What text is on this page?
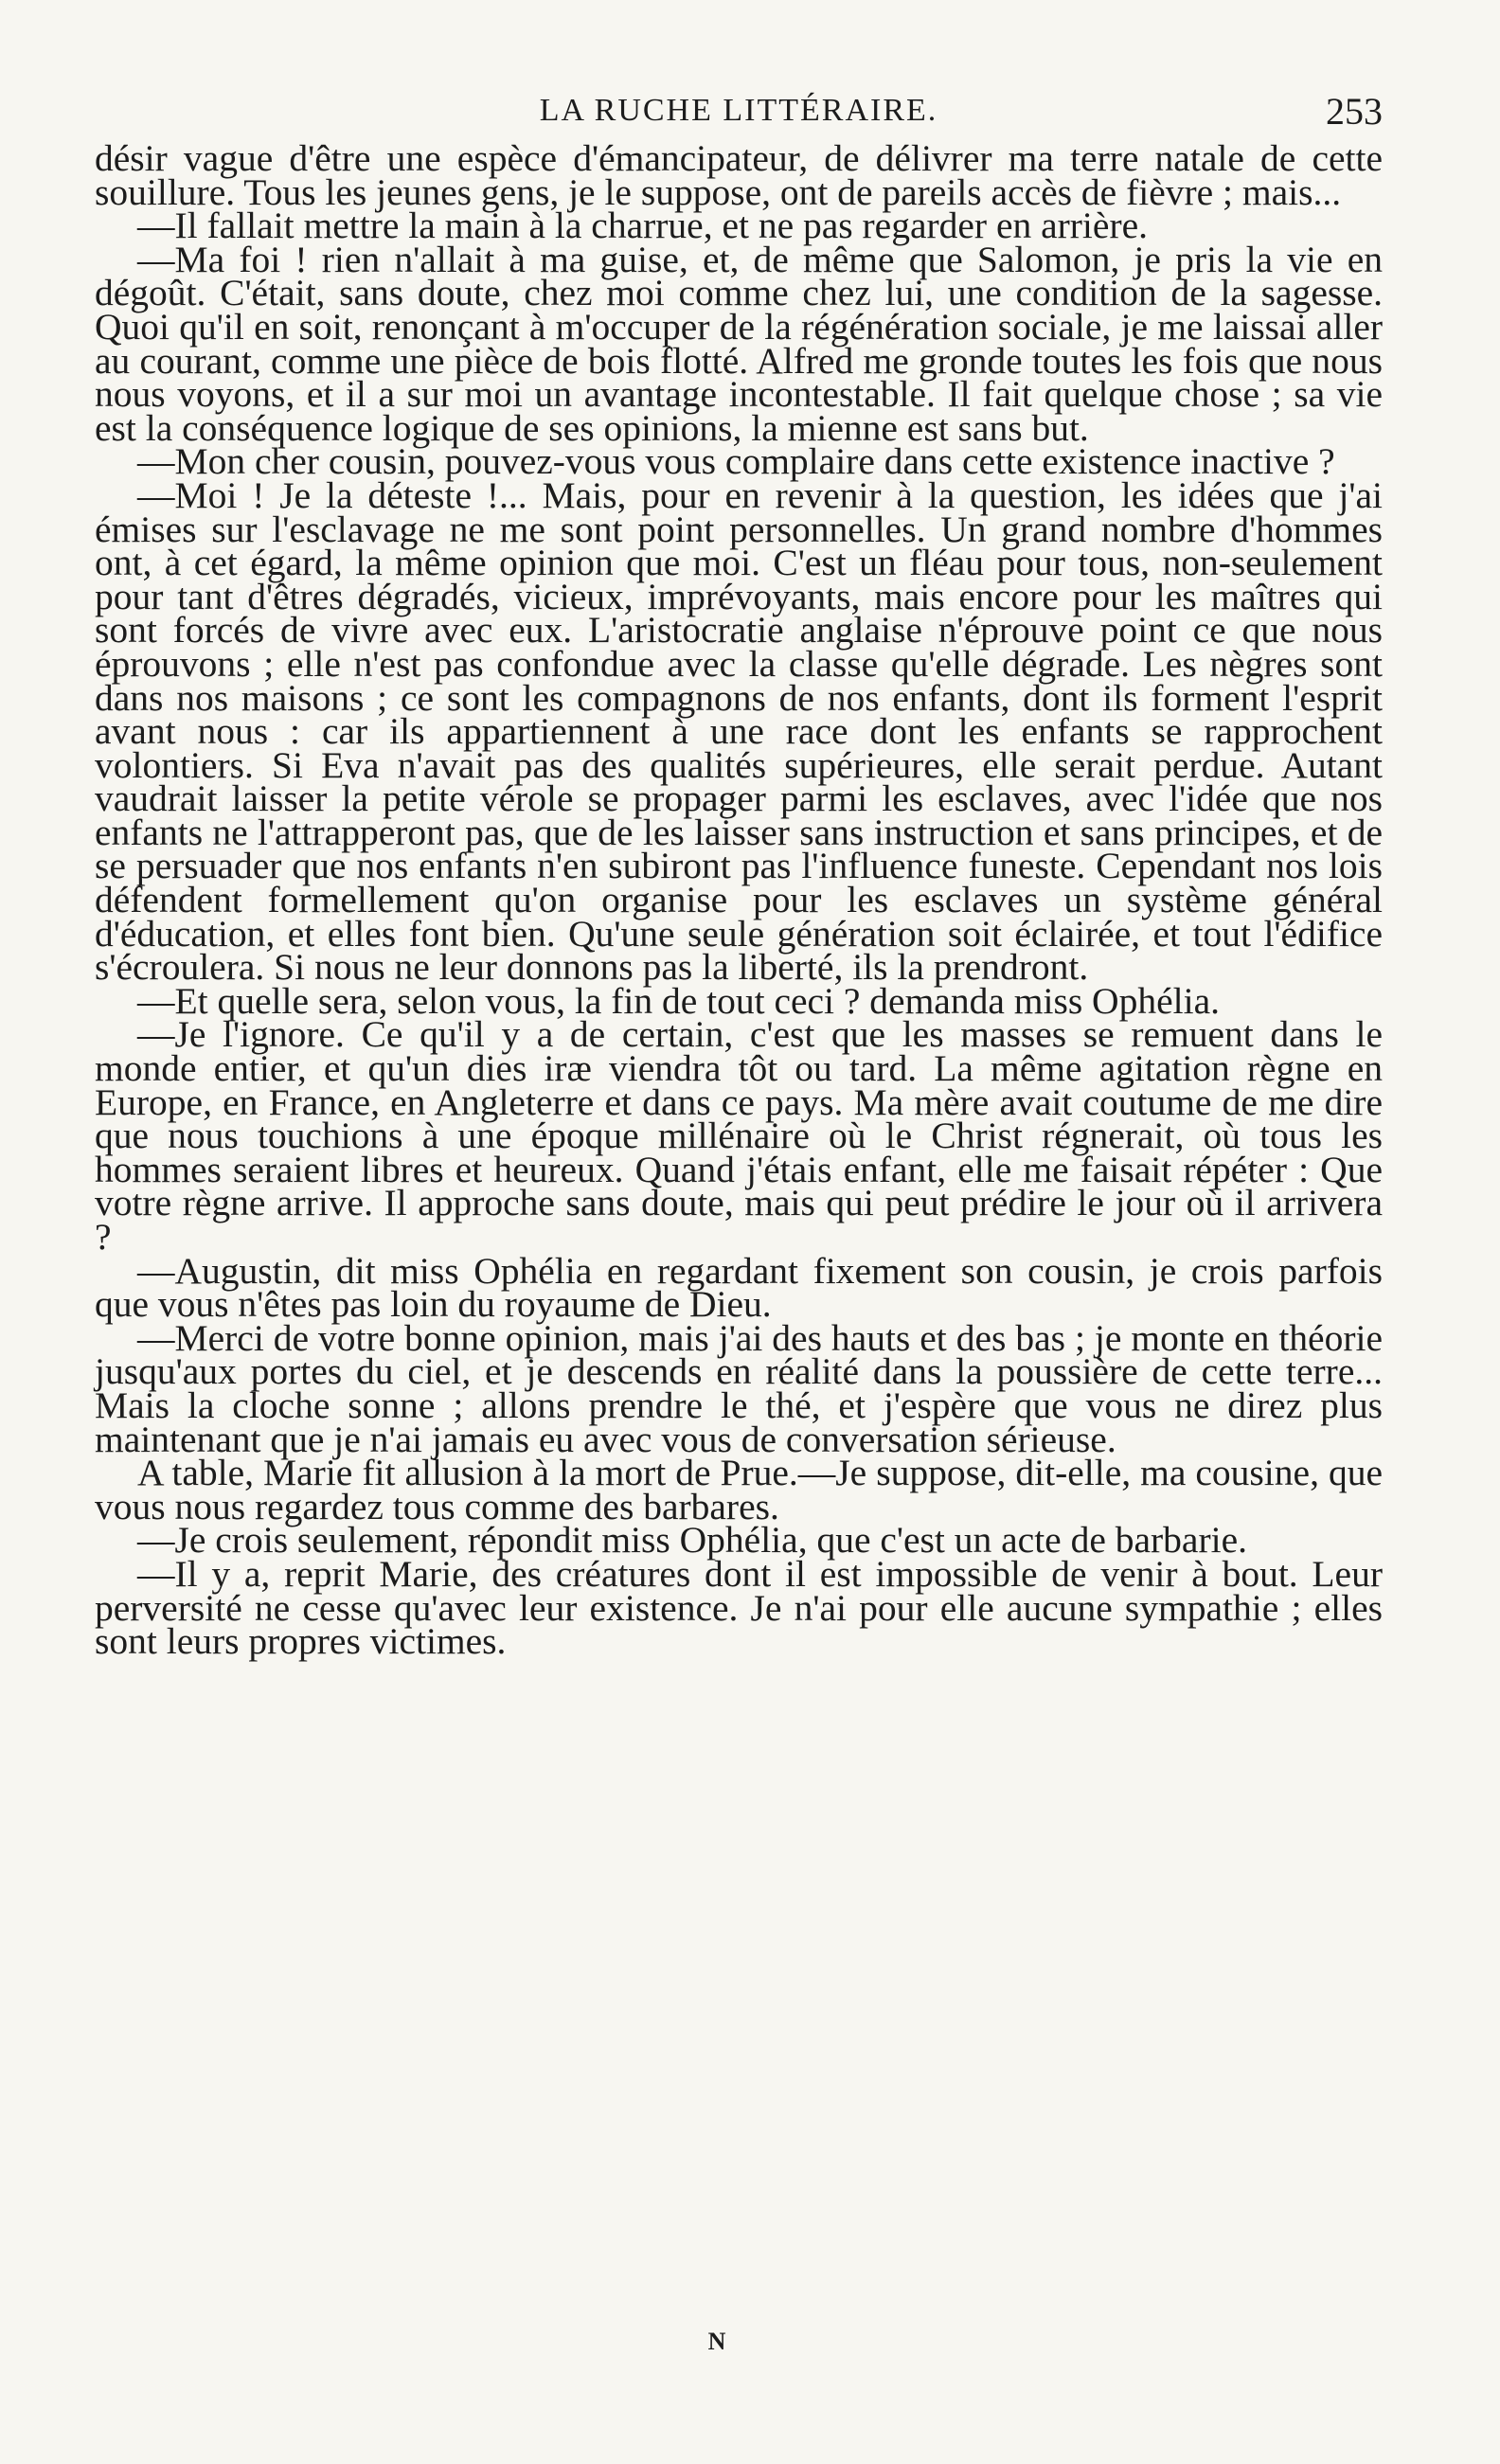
LA RUCHE LITTÉRAIRE.	253

désir vague d'être une espèce d'émancipateur, de délivrer ma terre natale de cette souillure. Tous les jeunes gens, je le suppose, ont de pareils accès de fièvre ; mais...

—Il fallait mettre la main à la charrue, et ne pas regarder en arrière.

—Ma foi ! rien n'allait à ma guise, et, de même que Salomon, je pris la vie en dégoût. C'était, sans doute, chez moi comme chez lui, une condition de la sagesse. Quoi qu'il en soit, renonçant à m'occuper de la régénération sociale, je me laissai aller au courant, comme une pièce de bois flotté. Alfred me gronde toutes les fois que nous nous voyons, et il a sur moi un avantage incontestable. Il fait quelque chose ; sa vie est la conséquence logique de ses opinions, la mienne est sans but.

—Mon cher cousin, pouvez-vous vous complaire dans cette existence inactive ?

—Moi ! Je la déteste !... Mais, pour en revenir à la question, les idées que j'ai émises sur l'esclavage ne me sont point personnelles. Un grand nombre d'hommes ont, à cet égard, la même opinion que moi. C'est un fléau pour tous, non-seulement pour tant d'êtres dégradés, vicieux, imprévoyants, mais encore pour les maîtres qui sont forcés de vivre avec eux. L'aristocratie anglaise n'éprouve point ce que nous éprouvons ; elle n'est pas confondue avec la classe qu'elle dégrade. Les nègres sont dans nos maisons ; ce sont les compagnons de nos enfants, dont ils forment l'esprit avant nous : car ils appartiennent à une race dont les enfants se rapprochent volontiers. Si Eva n'avait pas des qualités supérieures, elle serait perdue. Autant vaudrait laisser la petite vérole se propager parmi les esclaves, avec l'idée que nos enfants ne l'attrapperont pas, que de les laisser sans instruction et sans principes, et de se persuader que nos enfants n'en subiront pas l'influence funeste. Cependant nos lois défendent formellement qu'on organise pour les esclaves un système général d'éducation, et elles font bien. Qu'une seule génération soit éclairée, et tout l'édifice s'écroulera. Si nous ne leur donnons pas la liberté, ils la prendront.

—Et quelle sera, selon vous, la fin de tout ceci ? demanda miss Ophélia.

—Je l'ignore. Ce qu'il y a de certain, c'est que les masses se remuent dans le monde entier, et qu'un dies iræ viendra tôt ou tard. La même agitation règne en Europe, en France, en Angleterre et dans ce pays. Ma mère avait coutume de me dire que nous touchions à une époque millénaire où le Christ régnerait, où tous les hommes seraient libres et heureux. Quand j'étais enfant, elle me faisait répéter : Que votre règne arrive. Il approche sans doute, mais qui peut prédire le jour où il arrivera ?

—Augustin, dit miss Ophélia en regardant fixement son cousin, je crois parfois que vous n'êtes pas loin du royaume de Dieu.

—Merci de votre bonne opinion, mais j'ai des hauts et des bas ; je monte en théorie jusqu'aux portes du ciel, et je descends en réalité dans la poussière de cette terre... Mais la cloche sonne ; allons prendre le thé, et j'espère que vous ne direz plus maintenant que je n'ai jamais eu avec vous de conversation sérieuse.

A table, Marie fit allusion à la mort de Prue.—Je suppose, dit-elle, ma cousine, que vous nous regardez tous comme des barbares.

—Je crois seulement, répondit miss Ophélia, que c'est un acte de barbarie.

—Il y a, reprit Marie, des créatures dont il est impossible de venir à bout. Leur perversité ne cesse qu'avec leur existence. Je n'ai pour elle aucune sympathie ; elles sont leurs propres victimes.

N
